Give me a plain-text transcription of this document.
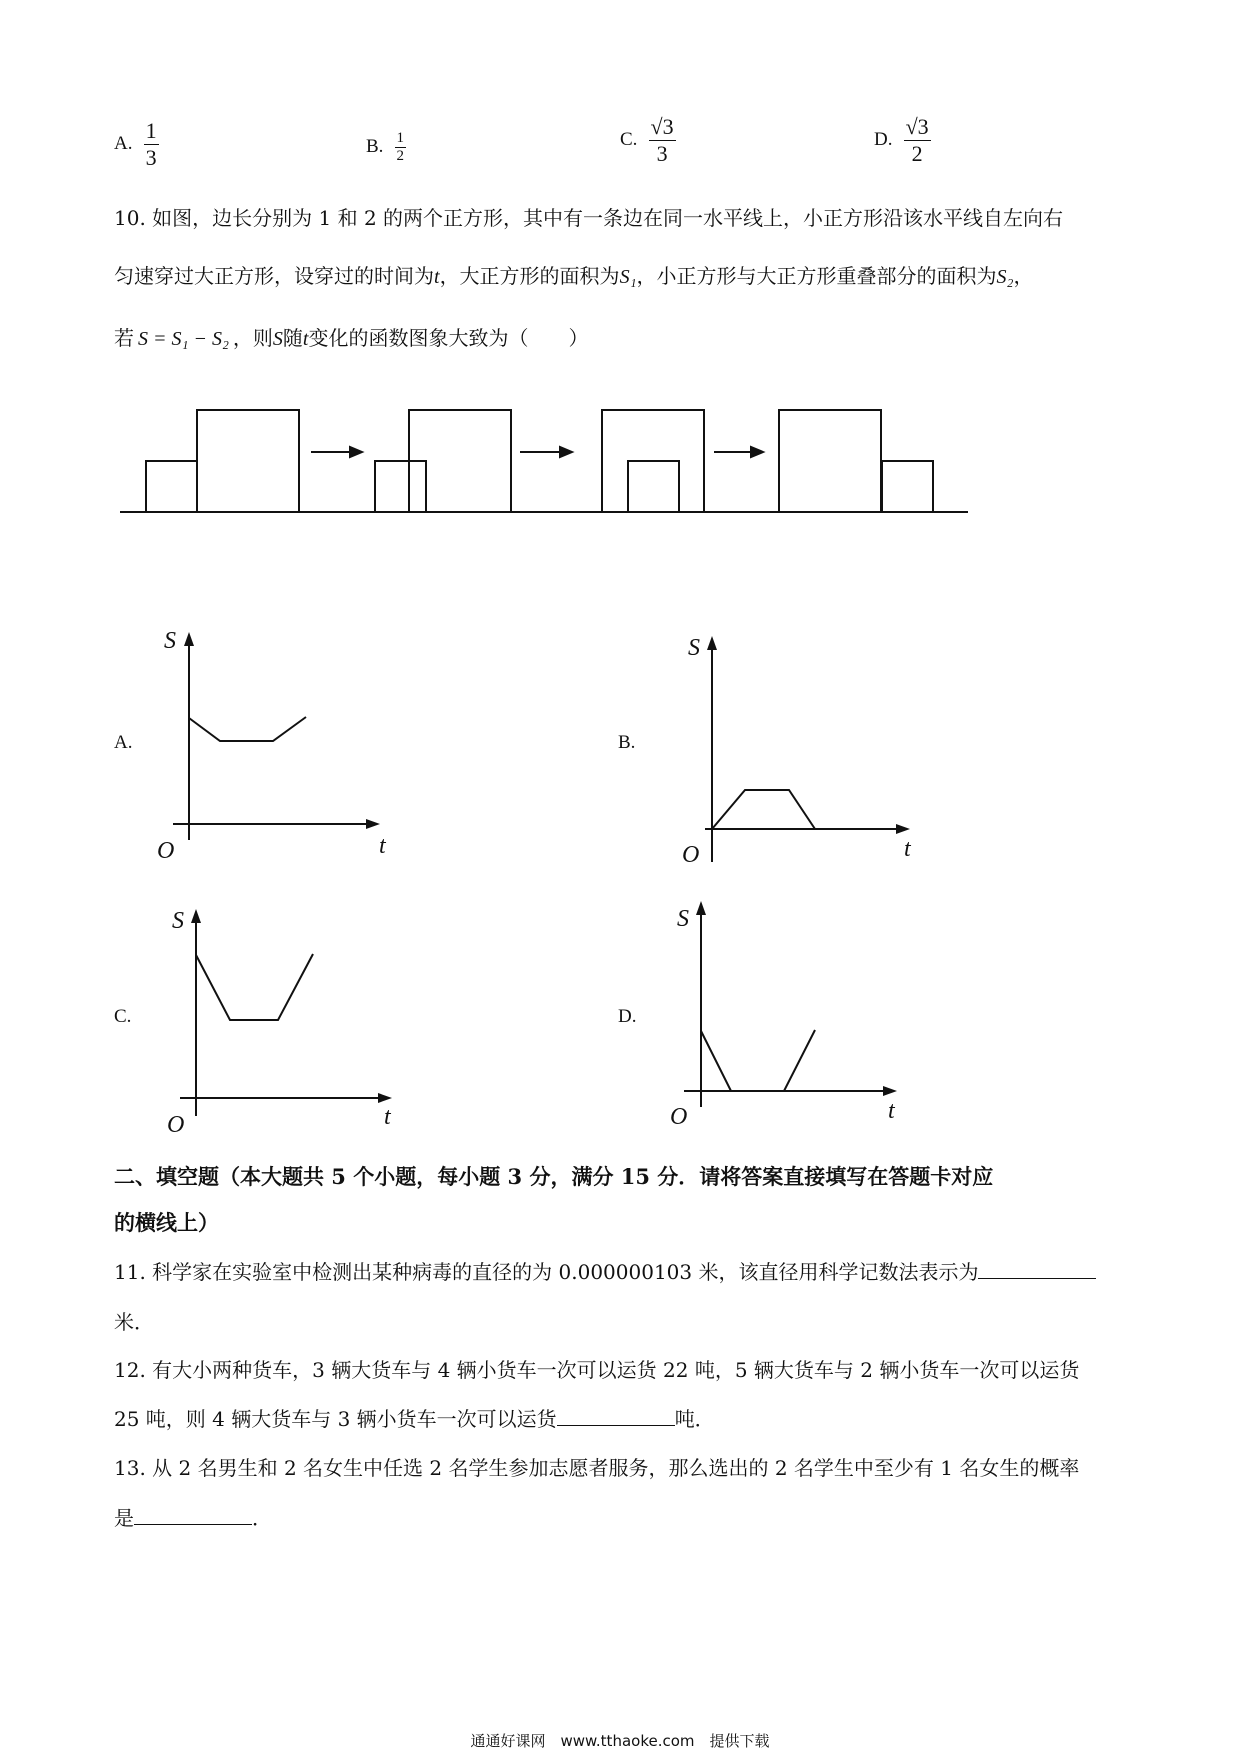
A. $\frac{1}{3}$	B. $\frac{1}{2}$	C. $\frac{√3}{3}$	D. $\frac{√3}{2}$
10. 如图，边长分别为 1 和 2 的两个正方形，其中有一条边在同一水平线上，小正方形沿该水平线自左向右
匀速穿过大正方形，设穿过的时间为t，大正方形的面积为S₁，小正方形与大正方形重叠部分的面积为S₂，
若 S = S₁ − S₂ ，则S随t变化的函数图象大致为（　　）
A.	B.
C.	D.
S
t
O
S
t
O
S
t
O
S
t
O
二、填空题（本大题共 5 个小题，每小题 3 分，满分 15 分．请将答案直接填写在答题卡对应
的横线上）
11. 科学家在实验室中检测出某种病毒的直径的为 0.000000103 米，该直径用科学记数法表示为
米．
12. 有大小两种货车，3 辆大货车与 4 辆小货车一次可以运货 22 吨，5 辆大货车与 2 辆小货车一次可以运货
25 吨，则 4 辆大货车与 3 辆小货车一次可以运货	吨．
13. 从 2 名男生和 2 名女生中任选 2 名学生参加志愿者服务，那么选出的 2 名学生中至少有 1 名女生的概率
是	．
通通好课网　www.tthaoke.com　提供下载
